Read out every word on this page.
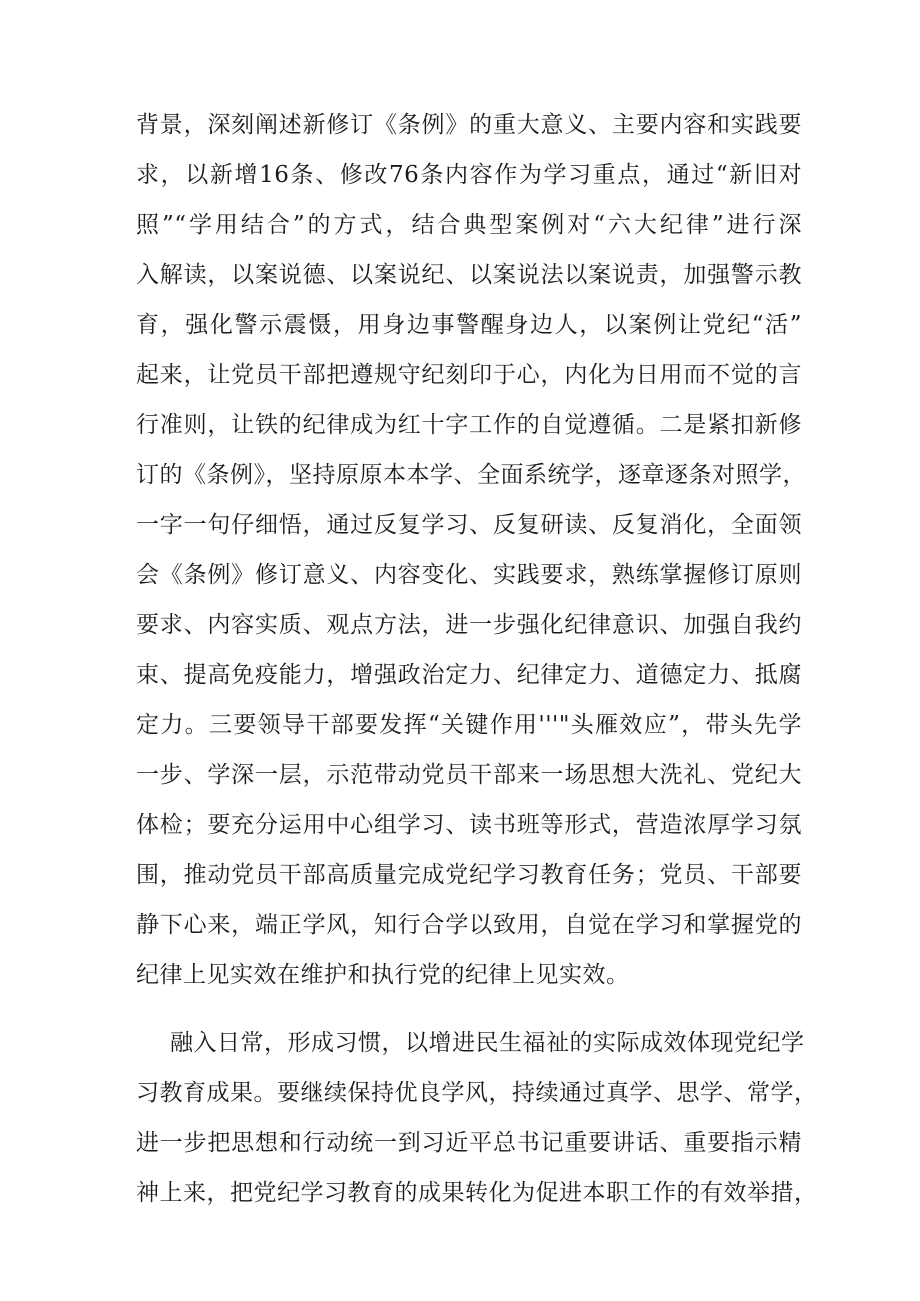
背景，深刻阐述新修订《条例》的重大意义、主要内容和实践要

求，以新增16条、修改76条内容作为学习重点，通过“新旧对

照”“学用结合”的方式，结合典型案例对“六大纪律”进行深

入解读，以案说德、以案说纪、以案说法以案说责，加强警示教

育，强化警示震慑，用身边事警醒身边人，以案例让党纪“活”

起来，让党员干部把遵规守纪刻印于心，内化为日用而不觉的言

行准则，让铁的纪律成为红十字工作的自觉遵循。二是紧扣新修

订的《条例》，坚持原原本本学、全面系统学，逐章逐条对照学，

一字一句仔细悟，通过反复学习、反复研读、反复消化，全面领

会《条例》修订意义、内容变化、实践要求，熟练掌握修订原则

要求、内容实质、观点方法，进一步强化纪律意识、加强自我约

束、提高免疫能力，增强政治定力、纪律定力、道德定力、抵腐

定力。三要领导干部要发挥“关键作用'''"头雁效应”，带头先学

一步、学深一层，示范带动党员干部来一场思想大洗礼、党纪大

体检；要充分运用中心组学习、读书班等形式，营造浓厚学习氛

围，推动党员干部高质量完成党纪学习教育任务；党员、干部要

静下心来，端正学风，知行合学以致用，自觉在学习和掌握党的

纪律上见实效在维护和执行党的纪律上见实效。

融入日常，形成习惯，以增进民生福祉的实际成效体现党纪学

习教育成果。要继续保持优良学风，持续通过真学、思学、常学，

进一步把思想和行动统一到习近平总书记重要讲话、重要指示精

神上来，把党纪学习教育的成果转化为促进本职工作的有效举措，
